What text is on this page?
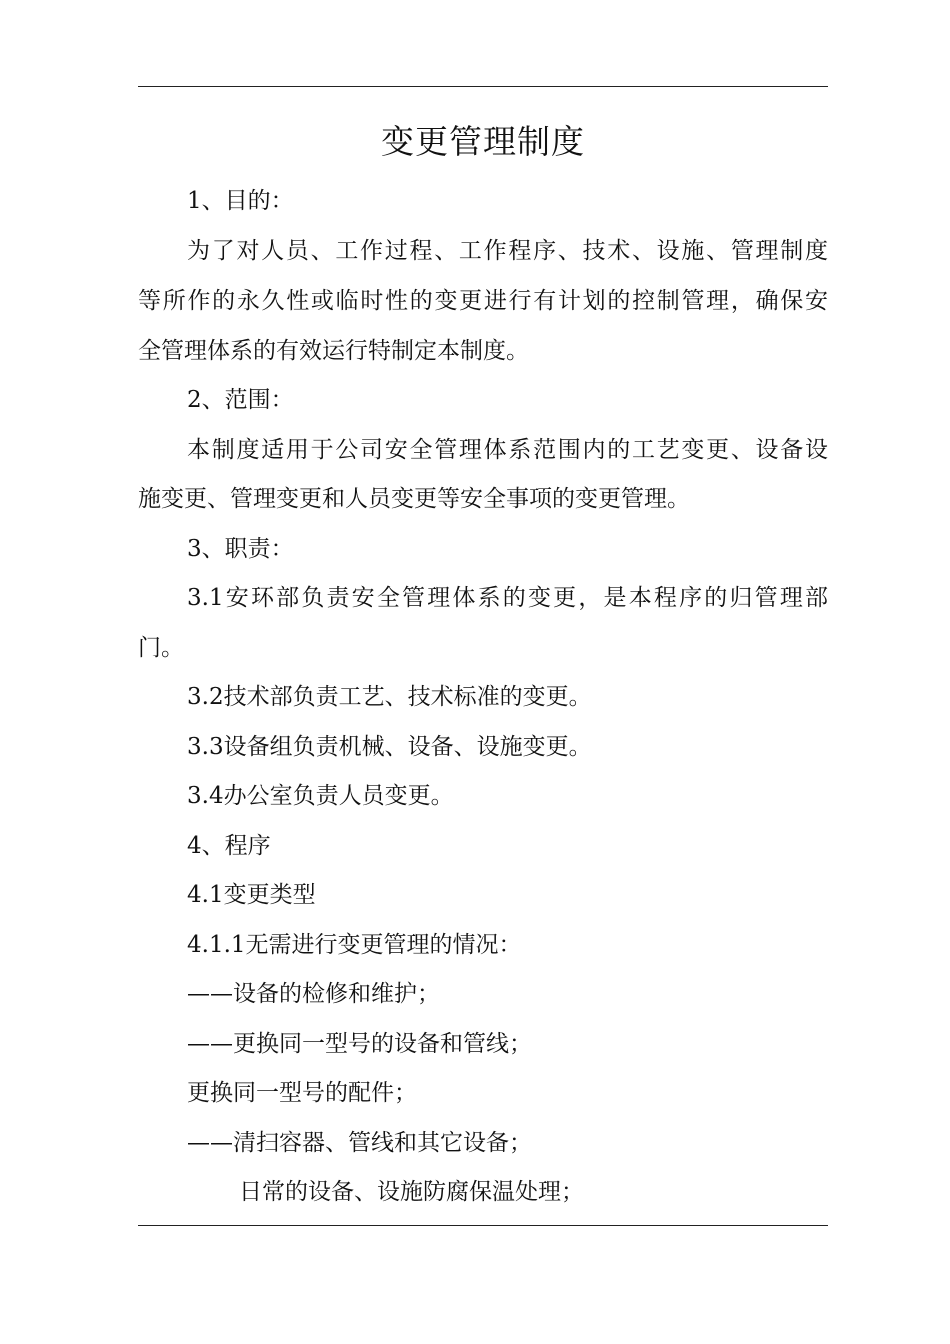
变更管理制度
1、目的：
为了对人员、工作过程、工作程序、技术、设施、管理制度
等所作的永久性或临时性的变更进行有计划的控制管理，确保安
全管理体系的有效运行特制定本制度。
2、范围：
本制度适用于公司安全管理体系范围内的工艺变更、设备设
施变更、管理变更和人员变更等安全事项的变更管理。
3、职责：
3.1安环部负责安全管理体系的变更，是本程序的归管理部
门。
3.2技术部负责工艺、技术标准的变更。
3.3设备组负责机械、设备、设施变更。
3.4办公室负责人员变更。
4、程序
4.1变更类型
4.1.1无需进行变更管理的情况：
——设备的检修和维护；
——更换同一型号的设备和管线；
更换同一型号的配件；
——清扫容器、管线和其它设备；
日常的设备、设施防腐保温处理；
